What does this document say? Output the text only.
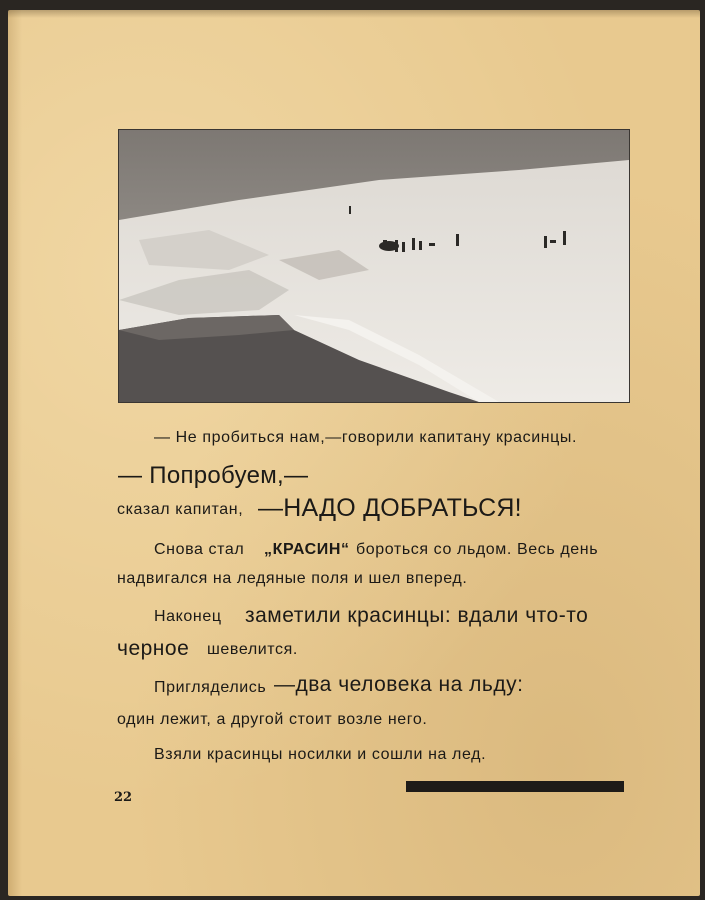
— Не пробиться нам,—говорили капитану красинцы.
— Попробуем,—
сказал капитан, —НАДО ДОБРАТЬСЯ!
Снова стал „КРАСИН“ бороться со льдом. Весь день
надвигался на ледяные поля и шел вперед.
Наконец заметили красинцы: вдали что-то
черное шевелится.
Пригляделись —два человека на льду:
один лежит, а другой стоит возле него.
Взяли красинцы носилки и сошли на лед.
22
